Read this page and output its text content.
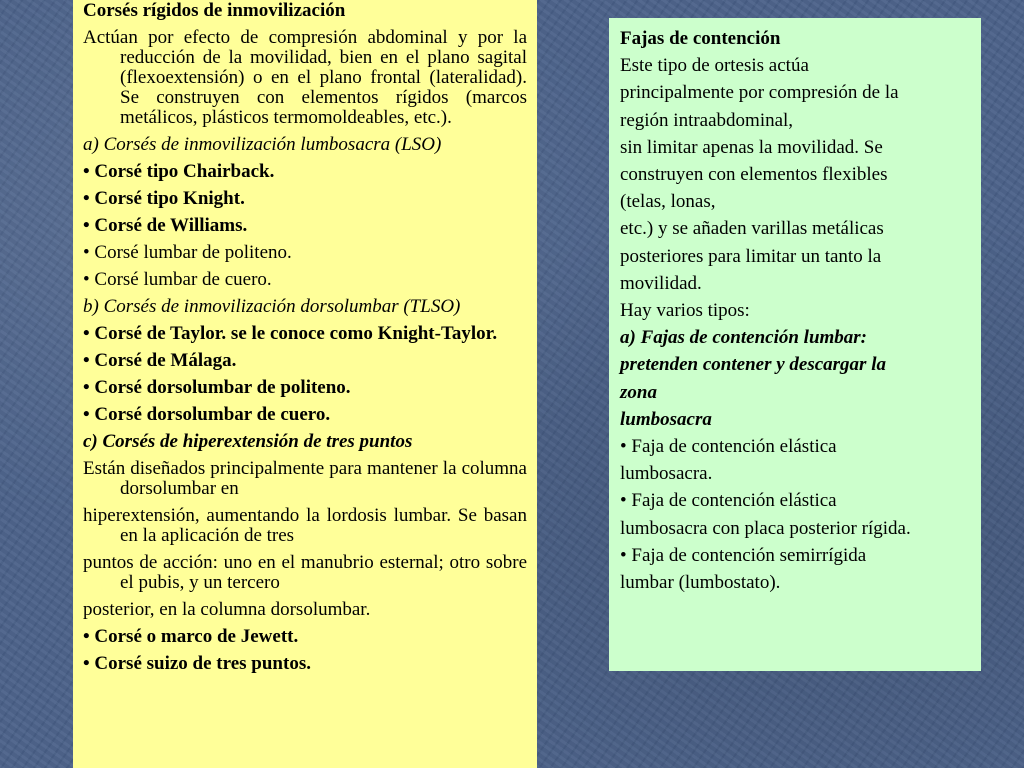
Corsés rígidos de inmovilización

Actúan por efecto de compresión abdominal y por la reducción de la movilidad, bien en el plano sagital (flexoextensión) o en el plano frontal (lateralidad). Se construyen con elementos rígidos (marcos metálicos, plásticos termomoldeables, etc.).

a) Corsés de inmovilización lumbosacra (LSO)

• Corsé tipo Chairback.

• Corsé tipo Knight.

• Corsé de Williams.

• Corsé lumbar de politeno.

• Corsé lumbar de cuero.

b) Corsés de inmovilización dorsolumbar (TLSO)

• Corsé de Taylor. se le conoce como Knight-Taylor.

• Corsé de Málaga.

• Corsé dorsolumbar de politeno.

• Corsé dorsolumbar de cuero.

c) Corsés de hiperextensión de tres puntos

Están diseñados principalmente para mantener la columna dorsolumbar en

hiperextensión, aumentando la lordosis lumbar. Se basan en la aplicación de tres

puntos de acción: uno en el manubrio esternal; otro sobre el pubis, y un tercero

posterior, en la columna dorsolumbar.

• Corsé o marco de Jewett.

• Corsé suizo de tres puntos.

Fajas de contención
Este tipo de ortesis actúa
principalmente por compresión de la
región intraabdominal,
sin limitar apenas la movilidad. Se
construyen con elementos flexibles
(telas, lonas,
etc.) y se añaden varillas metálicas
posteriores para limitar un tanto la
movilidad.
Hay varios tipos:
a) Fajas de contención lumbar:
pretenden contener y descargar la
zona
lumbosacra
• Faja de contención elástica
lumbosacra.
• Faja de contención elástica
lumbosacra con placa posterior rígida.
• Faja de contención semirrígida
lumbar (lumbostato).
